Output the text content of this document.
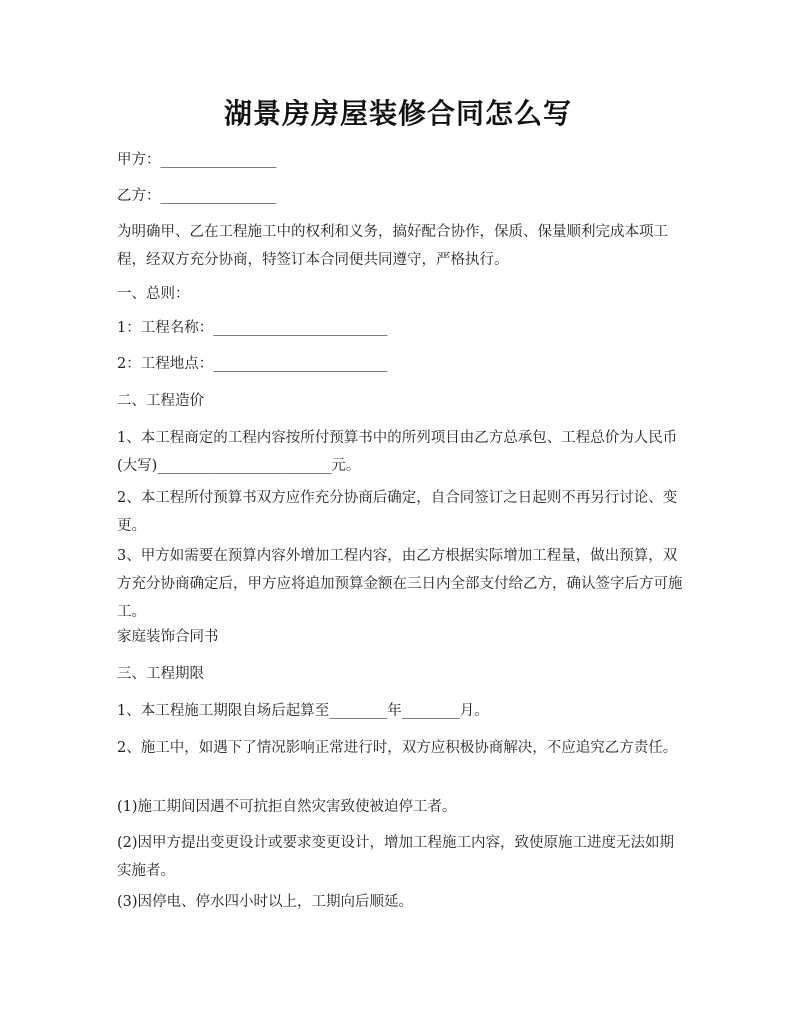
湖景房房屋装修合同怎么写
甲方：________________
乙方：________________
为明确甲、乙在工程施工中的权利和义务，搞好配合协作，保质、保量顺利完成本项工程，经双方充分协商，特签订本合同便共同遵守，严格执行。
一、总则：
1：工程名称：________________________
2：工程地点：________________________
二、工程造价
1、本工程商定的工程内容按所付预算书中的所列项目由乙方总承包、工程总价为人民币(大写)________________________元。
2、本工程所付预算书双方应作充分协商后确定，自合同签订之日起则不再另行讨论、变更。
3、甲方如需要在预算内容外增加工程内容，由乙方根据实际增加工程量，做出预算，双方充分协商确定后，甲方应将追加预算金额在三日内全部支付给乙方，确认签字后方可施工。
家庭装饰合同书
三、工程期限
1、本工程施工期限自场后起算至________年________月。
2、施工中，如遇下了情况影响正常进行时，双方应积极协商解决，不应追究乙方责任。
(1)施工期间因遇不可抗拒自然灾害致使被迫停工者。
(2)因甲方提出变更设计或要求变更设计，增加工程施工内容，致使原施工进度无法如期实施者。
(3)因停电、停水四小时以上，工期向后顺延。
